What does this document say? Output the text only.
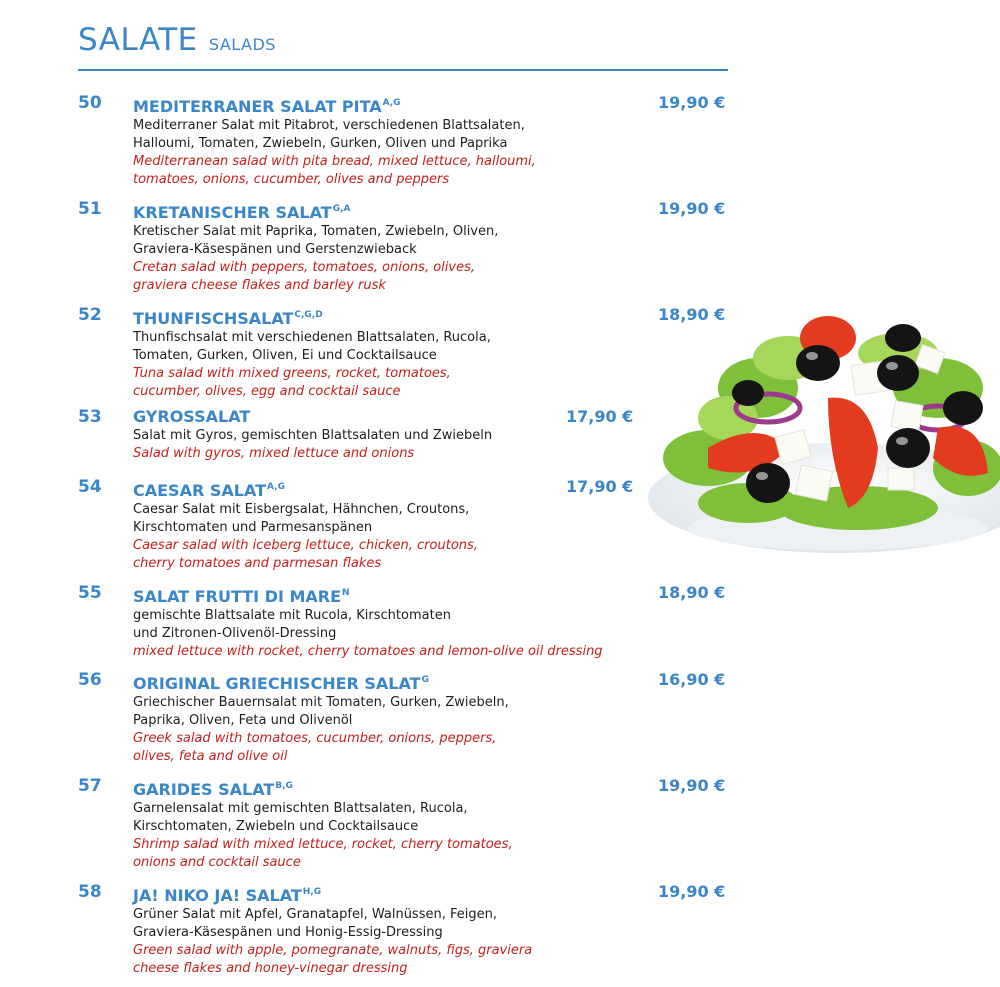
SALATE SALADS
50	MEDITERRANER SALAT $PITA^{A,G}$
Mediterraner Salat mit Pitabrot, verschiedenen Blattsalaten,
Halloumi, Tomaten, Zwiebeln, Gurken, Oliven und Paprika
Mediterranean salad with pita bread, mixed lettuce, halloumi,
tomatoes, onions, cucumber, olives and peppers
19,90 €
51	KRETANISCHER $SALAT^{G,A}$
Kretischer Salat mit Paprika, Tomaten, Zwiebeln, Oliven,
Graviera-Käsespänen und Gerstenzwieback
Cretan salad with peppers, tomatoes, onions, olives,
graviera cheese flakes and barley rusk
19,90 €
52	$THUNFISCHSALAT^{C,G,D}$
Thunfischsalat mit verschiedenen Blattsalaten, Rucola,
Tomaten, Gurken, Oliven, Ei und Cocktailsauce
Tuna salad with mixed greens, rocket, tomatoes,
cucumber, olives, egg and cocktail sauce
18,90 €
53	GYROSSALAT
Salat mit Gyros, gemischten Blattsalaten und Zwiebeln
Salad with gyros, mixed lettuce and onions
17,90 €
54	CAESAR $SALAT^{A,G}$
Caesar Salat mit Eisbergsalat, Hähnchen, Croutons,
Kirschtomaten und Parmesanspänen
Caesar salad with iceberg lettuce, chicken, croutons,
cherry tomatoes and parmesan flakes
17,90 €
55	SALAT FRUTTI DI $MARE^N$
gemischte Blattsalate mit Rucola, Kirschtomaten
und Zitronen-Olivenöl-Dressing
mixed lettuce with rocket, cherry tomatoes and lemon-olive oil dressing
18,90 €
56	ORIGINAL GRIECHISCHER $SALAT^G$
Griechischer Bauernsalat mit Tomaten, Gurken, Zwiebeln,
Paprika, Oliven, Feta und Olivenöl
Greek salad with tomatoes, cucumber, onions, peppers,
olives, feta and olive oil
16,90 €
57	GARIDES $SALAT^{B,G}$
Garnelensalat mit gemischten Blattsalaten, Rucola,
Kirschtomaten, Zwiebeln und Cocktailsauce
Shrimp salad with mixed lettuce, rocket, cherry tomatoes,
onions and cocktail sauce
19,90 €
58	JA! NIKO JA! $SALAT^{H,G}$
Grüner Salat mit Apfel, Granatapfel, Walnüssen, Feigen,
Graviera-Käsespänen und Honig-Essig-Dressing
Green salad with apple, pomegranate, walnuts, figs, graviera
cheese flakes and honey-vinegar dressing
19,90 €
